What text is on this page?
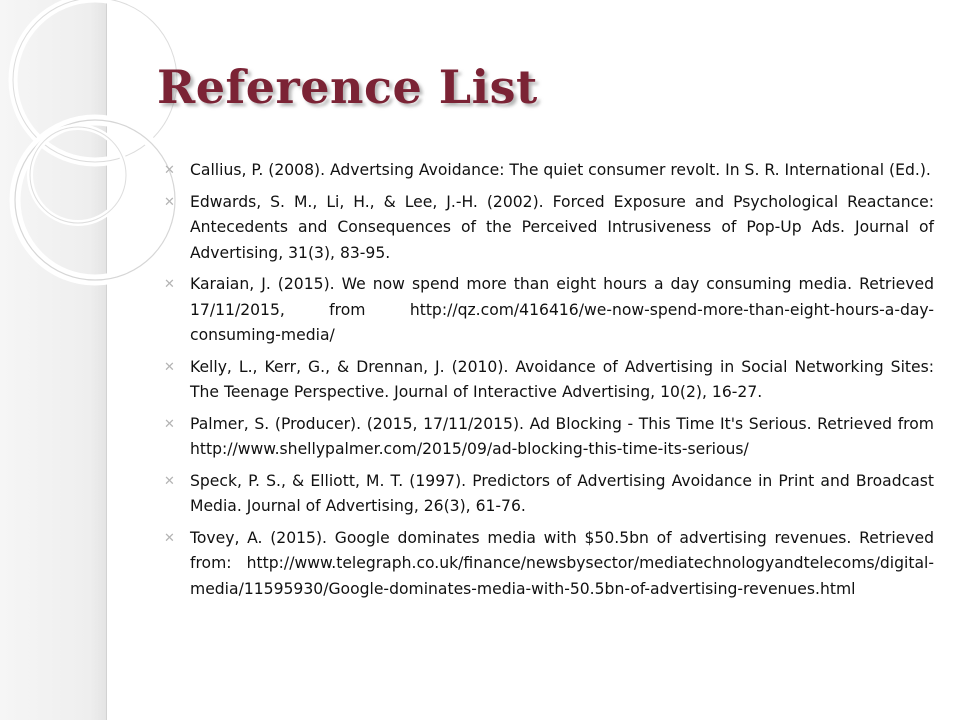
Reference List
✕ Callius, P. (2008). Advertsing Avoidance: The quiet consumer revolt. In S. R. International (Ed.).
✕ Edwards, S. M., Li, H., & Lee, J.-H. (2002). Forced Exposure and Psychological Reactance: Antecedents and Consequences of the Perceived Intrusiveness of Pop-Up Ads. Journal of Advertising, 31(3), 83-95.
✕ Karaian, J. (2015). We now spend more than eight hours a day consuming media. Retrieved 17/11/2015, from http://qz.com/416416/we-now-spend-more-than-eight-hours-a-day-consuming-media/
✕ Kelly, L., Kerr, G., & Drennan, J. (2010). Avoidance of Advertising in Social Networking Sites: The Teenage Perspective. Journal of Interactive Advertising, 10(2), 16-27.
✕ Palmer, S. (Producer). (2015, 17/11/2015). Ad Blocking - This Time It's Serious. Retrieved from http://www.shellypalmer.com/2015/09/ad-blocking-this-time-its-serious/
✕ Speck, P. S., & Elliott, M. T. (1997). Predictors of Advertising Avoidance in Print and Broadcast Media. Journal of Advertising, 26(3), 61-76.
✕ Tovey, A. (2015). Google dominates media with $50.5bn of advertising revenues. Retrieved from: http://www.telegraph.co.uk/finance/newsbysector/mediatechnologyandtelecoms/digital-media/11595930/Google-dominates-media-with-50.5bn-of-advertising-revenues.html
